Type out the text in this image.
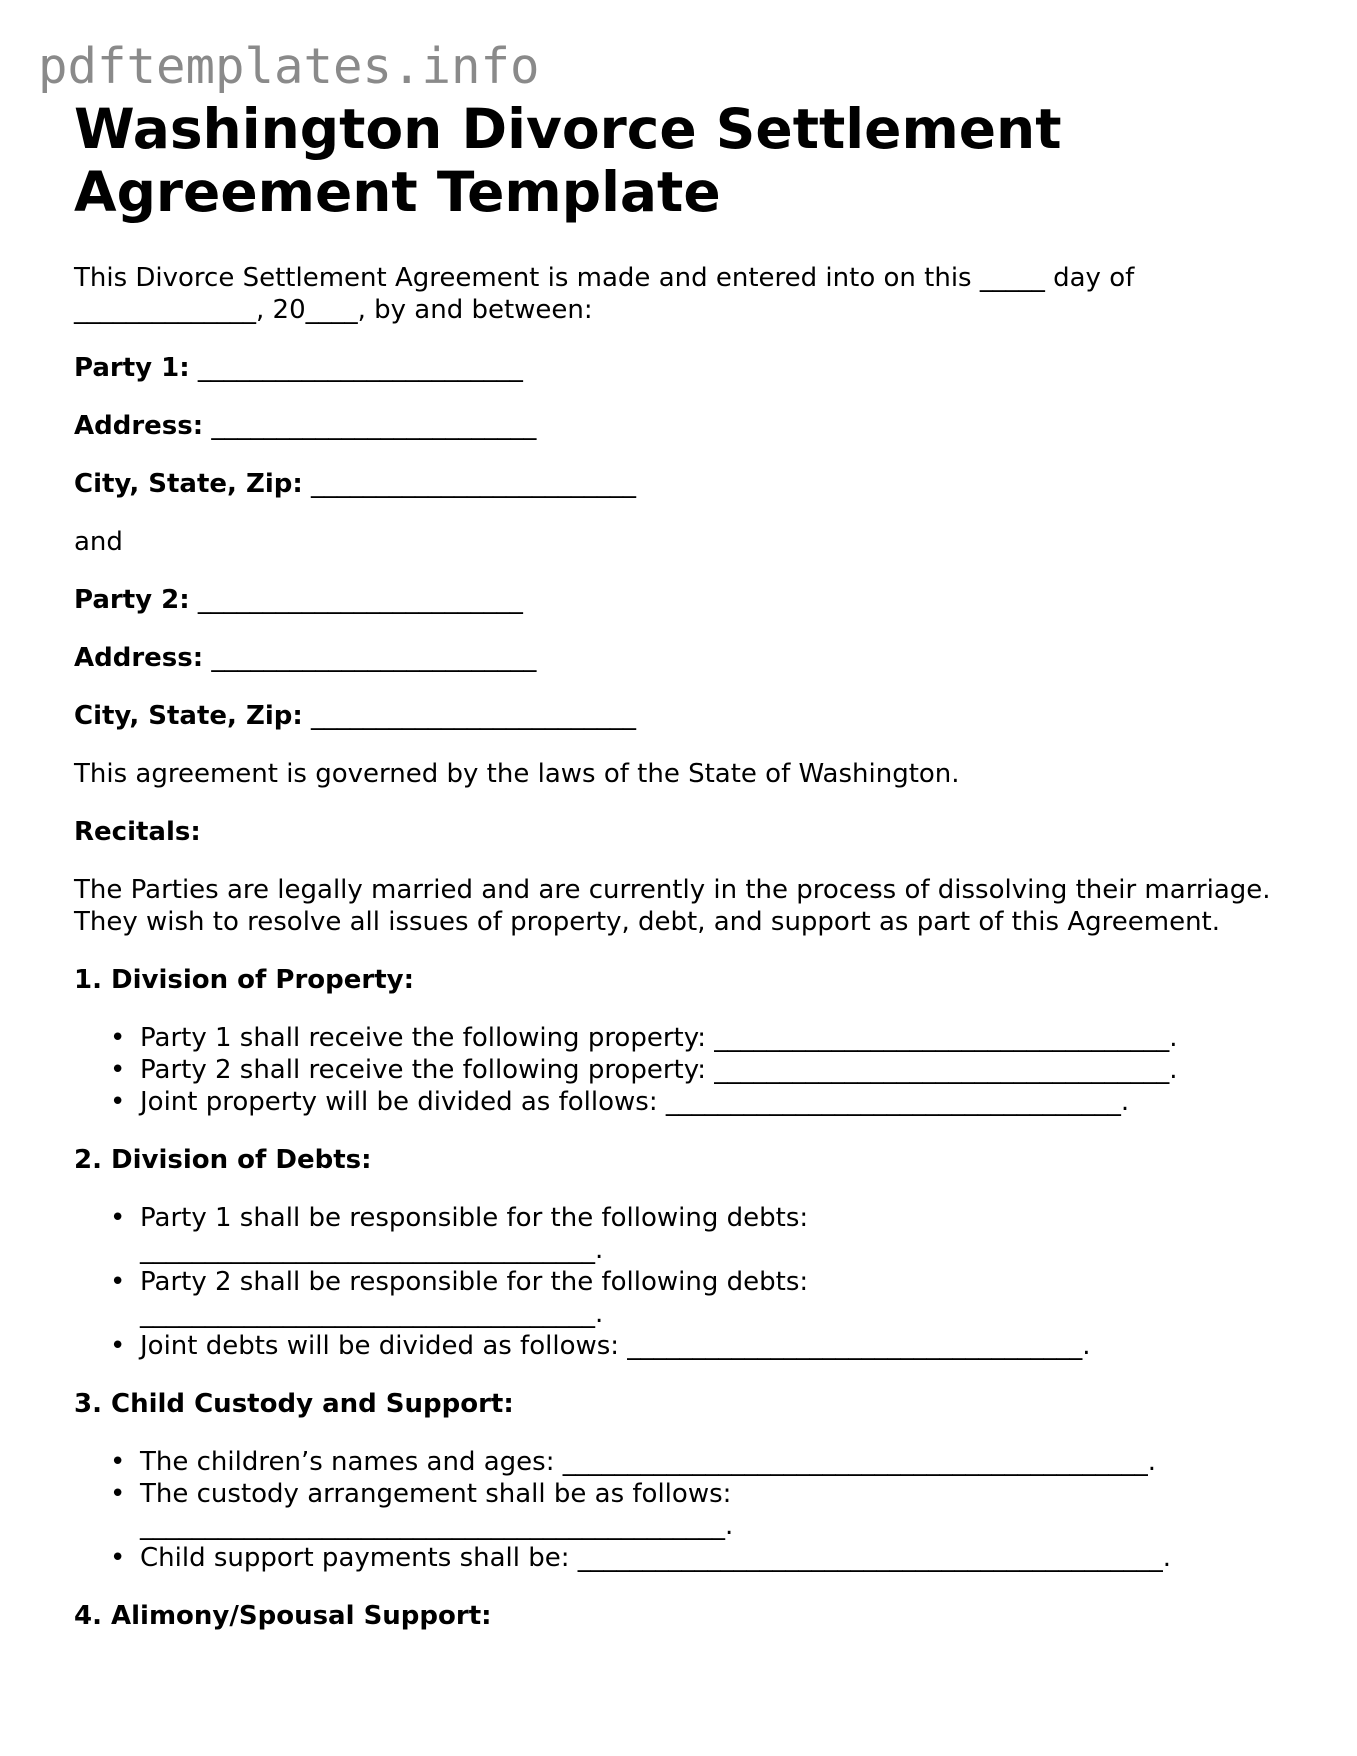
pdftemplates.info
Washington Divorce Settlement
Agreement Template

This Divorce Settlement Agreement is made and entered into on this _____ day of ______________, 20____, by and between:

Party 1: _________________________

Address: _________________________

City, State, Zip: _________________________

and

Party 2: _________________________

Address: _________________________

City, State, Zip: _________________________

This agreement is governed by the laws of the State of Washington.

Recitals:

The Parties are legally married and are currently in the process of dissolving their marriage. They wish to resolve all issues of property, debt, and support as part of this Agreement.

1. Division of Property:

• Party 1 shall receive the following property: ___________________________________.
• Party 2 shall receive the following property: ___________________________________.
• Joint property will be divided as follows: ___________________________________.

2. Division of Debts:

• Party 1 shall be responsible for the following debts: ___________________________________.
• Party 2 shall be responsible for the following debts: ___________________________________.
• Joint debts will be divided as follows: ___________________________________.

3. Child Custody and Support:

• The children’s names and ages: _____________________________________________.
• The custody arrangement shall be as follows: _____________________________________________.
• Child support payments shall be: _____________________________________________.

4. Alimony/Spousal Support:
